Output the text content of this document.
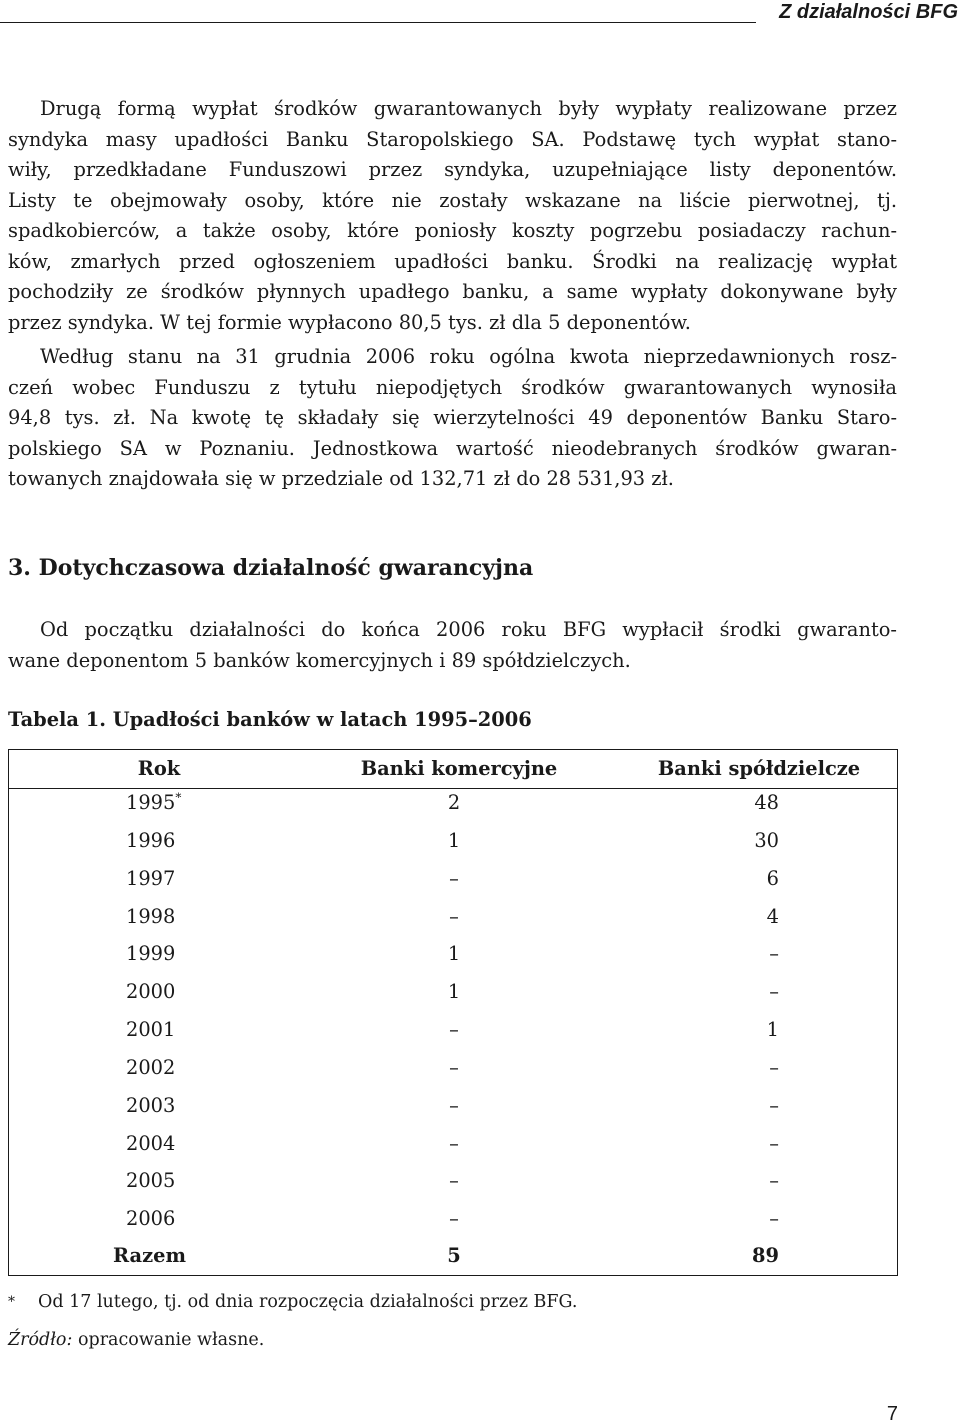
Z działalności BFG
Drugą formą wypłat środków gwarantowanych były wypłaty realizowane przez
syndyka masy upadłości Banku Staropolskiego SA. Podstawę tych wypłat stano-
wiły, przedkładane Funduszowi przez syndyka, uzupełniające listy deponentów.
Listy te obejmowały osoby, które nie zostały wskazane na liście pierwotnej, tj.
spadkobierców, a także osoby, które poniosły koszty pogrzebu posiadaczy rachun-
ków, zmarłych przed ogłoszeniem upadłości banku. Środki na realizację wypłat
pochodziły ze środków płynnych upadłego banku, a same wypłaty dokonywane były
przez syndyka. W tej formie wypłacono 80,5 tys. zł dla 5 deponentów.
Według stanu na 31 grudnia 2006 roku ogólna kwota nieprzedawnionych rosz-
czeń wobec Funduszu z tytułu niepodjętych środków gwarantowanych wynosiła
94,8 tys. zł. Na kwotę tę składały się wierzytelności 49 deponentów Banku Staro-
polskiego SA w Poznaniu. Jednostkowa wartość nieodebranych środków gwaran-
towanych znajdowała się w przedziale od 132,71 zł do 28 531,93 zł.
3. Dotychczasowa działalność gwarancyjna
Od początku działalności do końca 2006 roku BFG wypłacił środki gwaranto-
wane deponentom 5 banków komercyjnych i 89 spółdzielczych.
Tabela 1. Upadłości banków w latach 1995–2006
Rok	Banki komercyjne	Banki spółdzielcze
1995*	2	48
1996	1	30
1997	–	6
1998	–	4
1999	1	–
2000	1	–
2001	–	1
2002	–	–
2003	–	–
2004	–	–
2005	–	–
2006	–	–
Razem	5	89

* Od 17 lutego, tj. od dnia rozpoczęcia działalności przez BFG.

Źródło: opracowanie własne.

7
